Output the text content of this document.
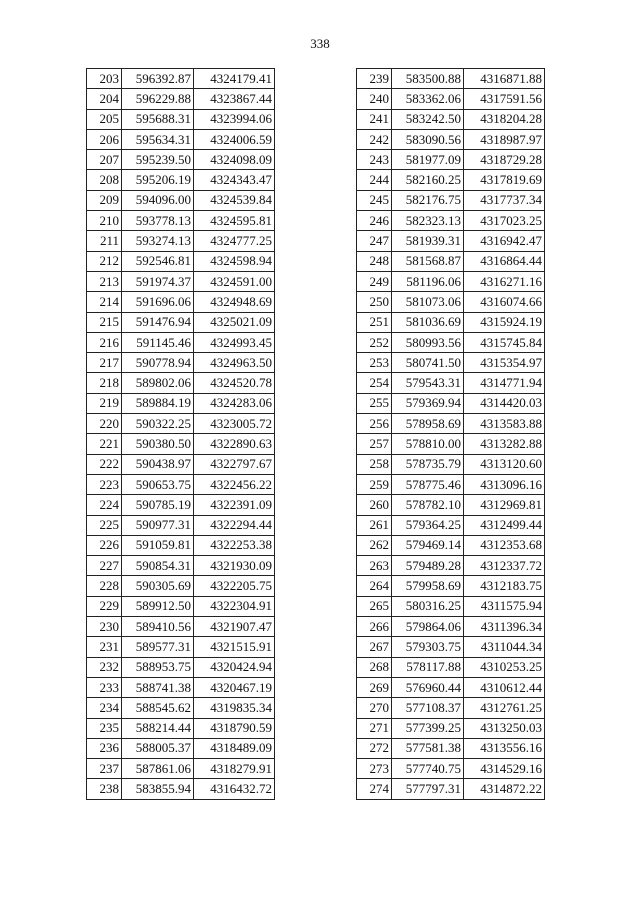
338
203	596392.87	4324179.41
204	596229.88	4323867.44
205	595688.31	4323994.06
206	595634.31	4324006.59
207	595239.50	4324098.09
208	595206.19	4324343.47
209	594096.00	4324539.84
210	593778.13	4324595.81
211	593274.13	4324777.25
212	592546.81	4324598.94
213	591974.37	4324591.00
214	591696.06	4324948.69
215	591476.94	4325021.09
216	591145.46	4324993.45
217	590778.94	4324963.50
218	589802.06	4324520.78
219	589884.19	4324283.06
220	590322.25	4323005.72
221	590380.50	4322890.63
222	590438.97	4322797.67
223	590653.75	4322456.22
224	590785.19	4322391.09
225	590977.31	4322294.44
226	591059.81	4322253.38
227	590854.31	4321930.09
228	590305.69	4322205.75
229	589912.50	4322304.91
230	589410.56	4321907.47
231	589577.31	4321515.91
232	588953.75	4320424.94
233	588741.38	4320467.19
234	588545.62	4319835.34
235	588214.44	4318790.59
236	588005.37	4318489.09
237	587861.06	4318279.91
238	583855.94	4316432.72
239	583500.88	4316871.88
240	583362.06	4317591.56
241	583242.50	4318204.28
242	583090.56	4318987.97
243	581977.09	4318729.28
244	582160.25	4317819.69
245	582176.75	4317737.34
246	582323.13	4317023.25
247	581939.31	4316942.47
248	581568.87	4316864.44
249	581196.06	4316271.16
250	581073.06	4316074.66
251	581036.69	4315924.19
252	580993.56	4315745.84
253	580741.50	4315354.97
254	579543.31	4314771.94
255	579369.94	4314420.03
256	578958.69	4313583.88
257	578810.00	4313282.88
258	578735.79	4313120.60
259	578775.46	4313096.16
260	578782.10	4312969.81
261	579364.25	4312499.44
262	579469.14	4312353.68
263	579489.28	4312337.72
264	579958.69	4312183.75
265	580316.25	4311575.94
266	579864.06	4311396.34
267	579303.75	4311044.34
268	578117.88	4310253.25
269	576960.44	4310612.44
270	577108.37	4312761.25
271	577399.25	4313250.03
272	577581.38	4313556.16
273	577740.75	4314529.16
274	577797.31	4314872.22
